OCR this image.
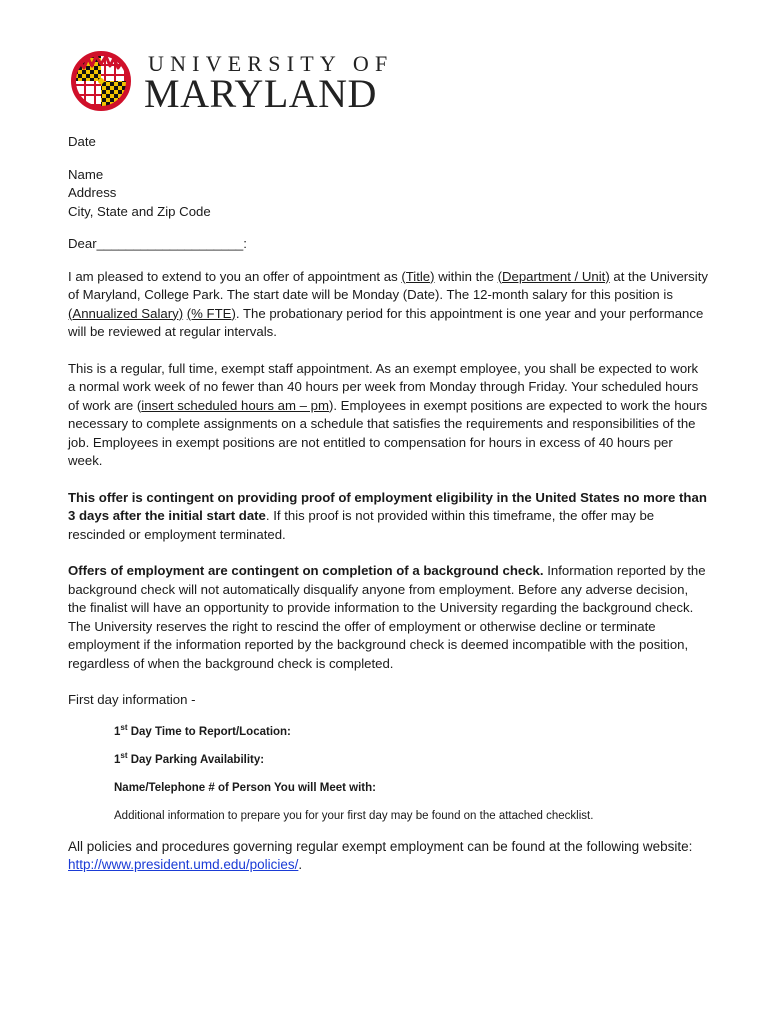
UNIVERSITY OF
MARYLAND

Date

Name

Address

City, State and Zip Code

Dear____________________:

I am pleased to extend to you an offer of appointment as (Title) within the (Department / Unit) at the University of Maryland, College Park. The start date will be Monday (Date). The 12-month salary for this position is (Annualized Salary) (% FTE). The probationary period for this appointment is one year and your performance will be reviewed at regular intervals.

This is a regular, full time, exempt staff appointment. As an exempt employee, you shall be expected to work a normal work week of no fewer than 40 hours per week from Monday through Friday. Your scheduled hours of work are (insert scheduled hours am – pm). Employees in exempt positions are expected to work the hours necessary to complete assignments on a schedule that satisfies the requirements and responsibilities of the job. Employees in exempt positions are not entitled to compensation for hours in excess of 40 hours per week.

This offer is contingent on providing proof of employment eligibility in the United States no more than 3 days after the initial start date. If this proof is not provided within this timeframe, the offer may be rescinded or employment terminated.

Offers of employment are contingent on completion of a background check. Information reported by the background check will not automatically disqualify anyone from employment. Before any adverse decision, the finalist will have an opportunity to provide information to the University regarding the background check. The University reserves the right to rescind the offer of employment or otherwise decline or terminate employment if the information reported by the background check is deemed incompatible with the position, regardless of when the background check is completed.

First day information -

1st Day Time to Report/Location:

1st Day Parking Availability:

Name/Telephone # of Person You will Meet with:

Additional information to prepare you for your first day may be found on the attached checklist.

All policies and procedures governing regular exempt employment can be found at the following website: http://www.president.umd.edu/policies/.
